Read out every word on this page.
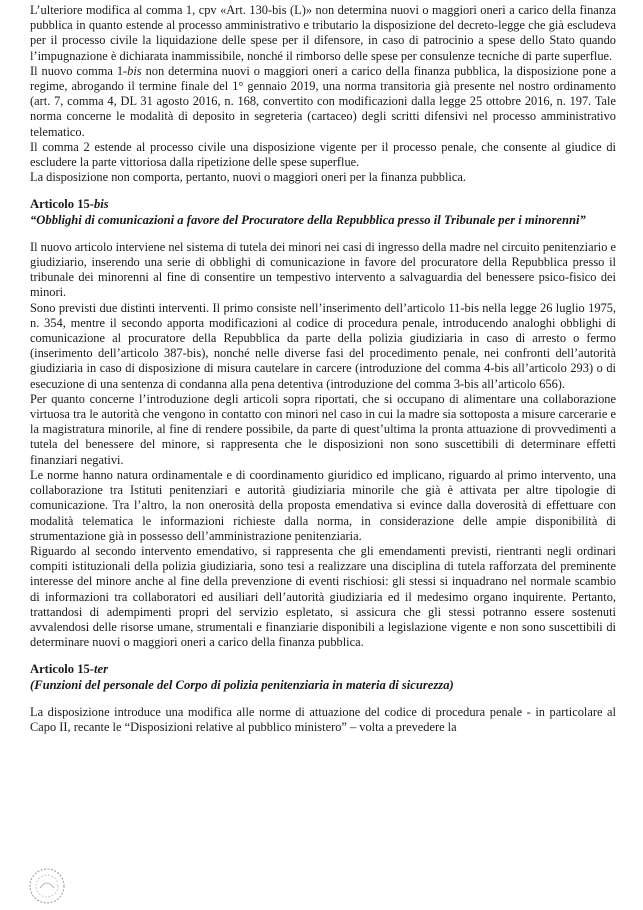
L’ulteriore modifica al comma 1, cpv «Art. 130-bis (L)» non determina nuovi o maggiori oneri a carico della finanza pubblica in quanto estende al processo amministrativo e tributario la disposizione del decreto-legge che già escludeva per il processo civile la liquidazione delle spese per il difensore, in caso di patrocinio a spese dello Stato quando l’impugnazione è dichiarata inammissibile, nonché il rimborso delle spese per consulenze tecniche di parte superflue.

Il nuovo comma 1-bis non determina nuovi o maggiori oneri a carico della finanza pubblica, la disposizione pone a regime, abrogando il termine finale del 1° gennaio 2019, una norma transitoria già presente nel nostro ordinamento (art. 7, comma 4, DL 31 agosto 2016, n. 168, convertito con modificazioni dalla legge 25 ottobre 2016, n. 197. Tale norma concerne le modalità di deposito in segreteria (cartaceo) degli scritti difensivi nel processo amministrativo telematico.

Il comma 2 estende al processo civile una disposizione vigente per il processo penale, che consente al giudice di escludere la parte vittoriosa dalla ripetizione delle spese superflue.

La disposizione non comporta, pertanto, nuovi o maggiori oneri per la finanza pubblica.

Articolo 15-bis

“Obblighi di comunicazioni a favore del Procuratore della Repubblica presso il Tribunale per i minorenni”

Il nuovo articolo interviene nel sistema di tutela dei minori nei casi di ingresso della madre nel circuito penitenziario e giudiziario, inserendo una serie di obblighi di comunicazione in favore del procuratore della Repubblica presso il tribunale dei minorenni al fine di consentire un tempestivo intervento a salvaguardia del benessere psico-fisico dei minori.

Sono previsti due distinti interventi. Il primo consiste nell’inserimento dell’articolo 11-bis nella legge 26 luglio 1975, n. 354, mentre il secondo apporta modificazioni al codice di procedura penale, introducendo analoghi obblighi di comunicazione al procuratore della Repubblica da parte della polizia giudiziaria in caso di arresto o fermo (inserimento dell’articolo 387-bis), nonché nelle diverse fasi del procedimento penale, nei confronti dell’autorità giudiziaria in caso di disposizione di misura cautelare in carcere (introduzione del comma 4-bis all’articolo 293) o di esecuzione di una sentenza di condanna alla pena detentiva (introduzione del comma 3-bis all’articolo 656).

Per quanto concerne l’introduzione degli articoli sopra riportati, che si occupano di alimentare una collaborazione virtuosa tra le autorità che vengono in contatto con minori nel caso in cui la madre sia sottoposta a misure carcerarie e la magistratura minorile, al fine di rendere possibile, da parte di quest’ultima la pronta attuazione di provvedimenti a tutela del benessere del minore, si rappresenta che le disposizioni non sono suscettibili di determinare effetti finanziari negativi.

Le norme hanno natura ordinamentale e di coordinamento giuridico ed implicano, riguardo al primo intervento, una collaborazione tra Istituti penitenziari e autorità giudiziaria minorile che già è attivata per altre tipologie di comunicazione. Tra l’altro, la non onerosità della proposta emendativa si evince dalla doverosità di effettuare con modalità telematica le informazioni richieste dalla norma, in considerazione delle ampie disponibilità di strumentazione già in possesso dell’amministrazione penitenziaria.

Riguardo al secondo intervento emendativo, si rappresenta che gli emendamenti previsti, rientranti negli ordinari compiti istituzionali della polizia giudiziaria, sono tesi a realizzare una disciplina di tutela rafforzata del preminente interesse del minore anche al fine della prevenzione di eventi rischiosi: gli stessi si inquadrano nel normale scambio di informazioni tra collaboratori ed ausiliari dell’autorità giudiziaria ed il medesimo organo inquirente. Pertanto, trattandosi di adempimenti propri del servizio espletato, si assicura che gli stessi potranno essere sostenuti avvalendosi delle risorse umane, strumentali e finanziarie disponibili a legislazione vigente e non sono suscettibili di determinare nuovi o maggiori oneri a carico della finanza pubblica.

Articolo 15-ter

(Funzioni del personale del Corpo di polizia penitenziaria in materia di sicurezza)

La disposizione introduce una modifica alle norme di attuazione del codice di procedura penale - in particolare al Capo II, recante le “Disposizioni relative al pubblico ministero” – volta a prevedere la
